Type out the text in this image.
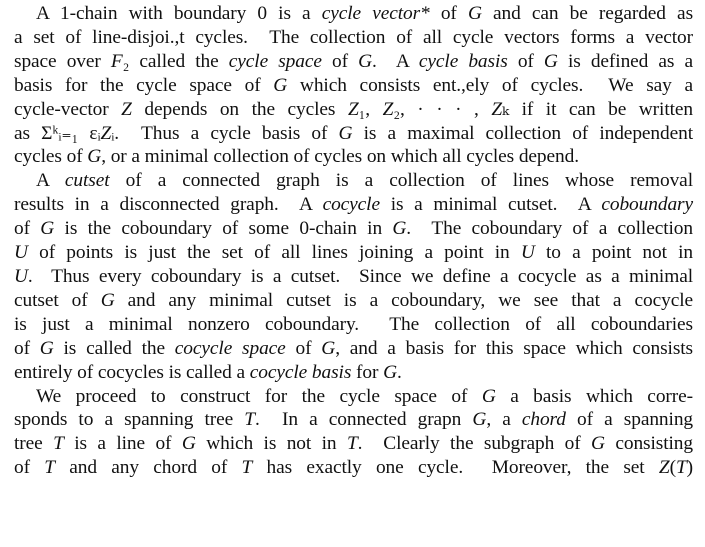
A 1-chain with boundary 0 is a cycle vector* of G and can be regarded as
a set of line-disjoi.,t cycles.  The collection of all cycle vectors forms a vector
space over F₂ called the cycle space of G.  A cycle basis of G is defined as a
basis for the cycle space of G which consists ent.,ely of cycles.  We say a
cycle-vector Z depends on the cycles Z₁, Z₂, · · · , Zₖ if it can be written
as Σᵏᵢ₌₁ εᵢZᵢ.  Thus a cycle basis of G is a maximal collection of independent
cycles of G, or a minimal collection of cycles on which all cycles depend.

A cutset of a connected graph is a collection of lines whose removal
results in a disconnected graph.  A cocycle is a minimal cutset.  A coboundary
of G is the coboundary of some 0-chain in G.  The coboundary of a collection
U of points is just the set of all lines joining a point in U to a point not in
U.  Thus every coboundary is a cutset.  Since we define a cocycle as a minimal
cutset of G and any minimal cutset is a coboundary, we see that a cocycle
is just a minimal nonzero coboundary.  The collection of all coboundaries
of G is called the cocycle space of G, and a basis for this space which consists
entirely of cocycles is called a cocycle basis for G.

We proceed to construct for the cycle space of G a basis which corre-
sponds to a spanning tree T.  In a connected grapn G, a chord of a spanning
tree T is a line of G which is not in T.  Clearly the subgraph of G consisting
of T and any chord of T has exactly one cycle.  Moreover, the set Z(T)
